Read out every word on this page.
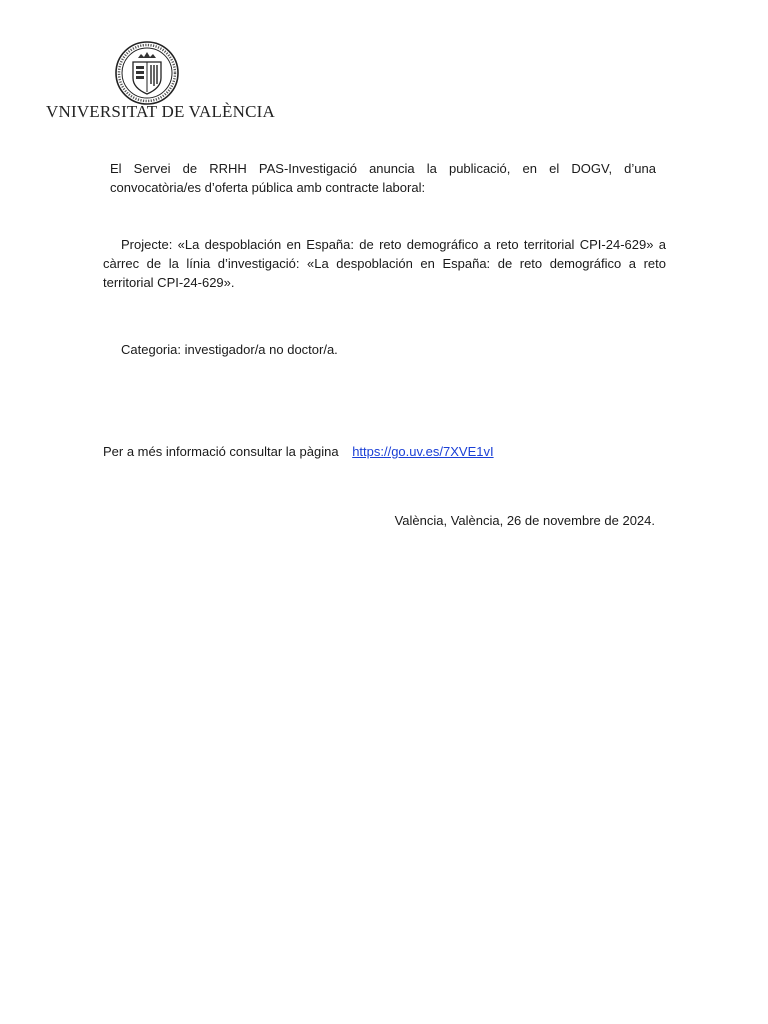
VNIVERSITAT DE VALÈNCIA
El Servei de RRHH PAS-Investigació anuncia la publicació, en el DOGV, d’una convocatòria/es d’oferta pública amb contracte laboral:
Projecte: «La despoblación en España: de reto demográfico a reto territorial CPI-24-629» a càrrec de la línia d’investigació: «La despoblación en España: de reto demográfico a reto territorial CPI-24-629».
Categoria: investigador/a no doctor/a.
Per a més informació consultar la pàgina https://go.uv.es/7XVE1vI
València, València, 26 de novembre de 2024.
